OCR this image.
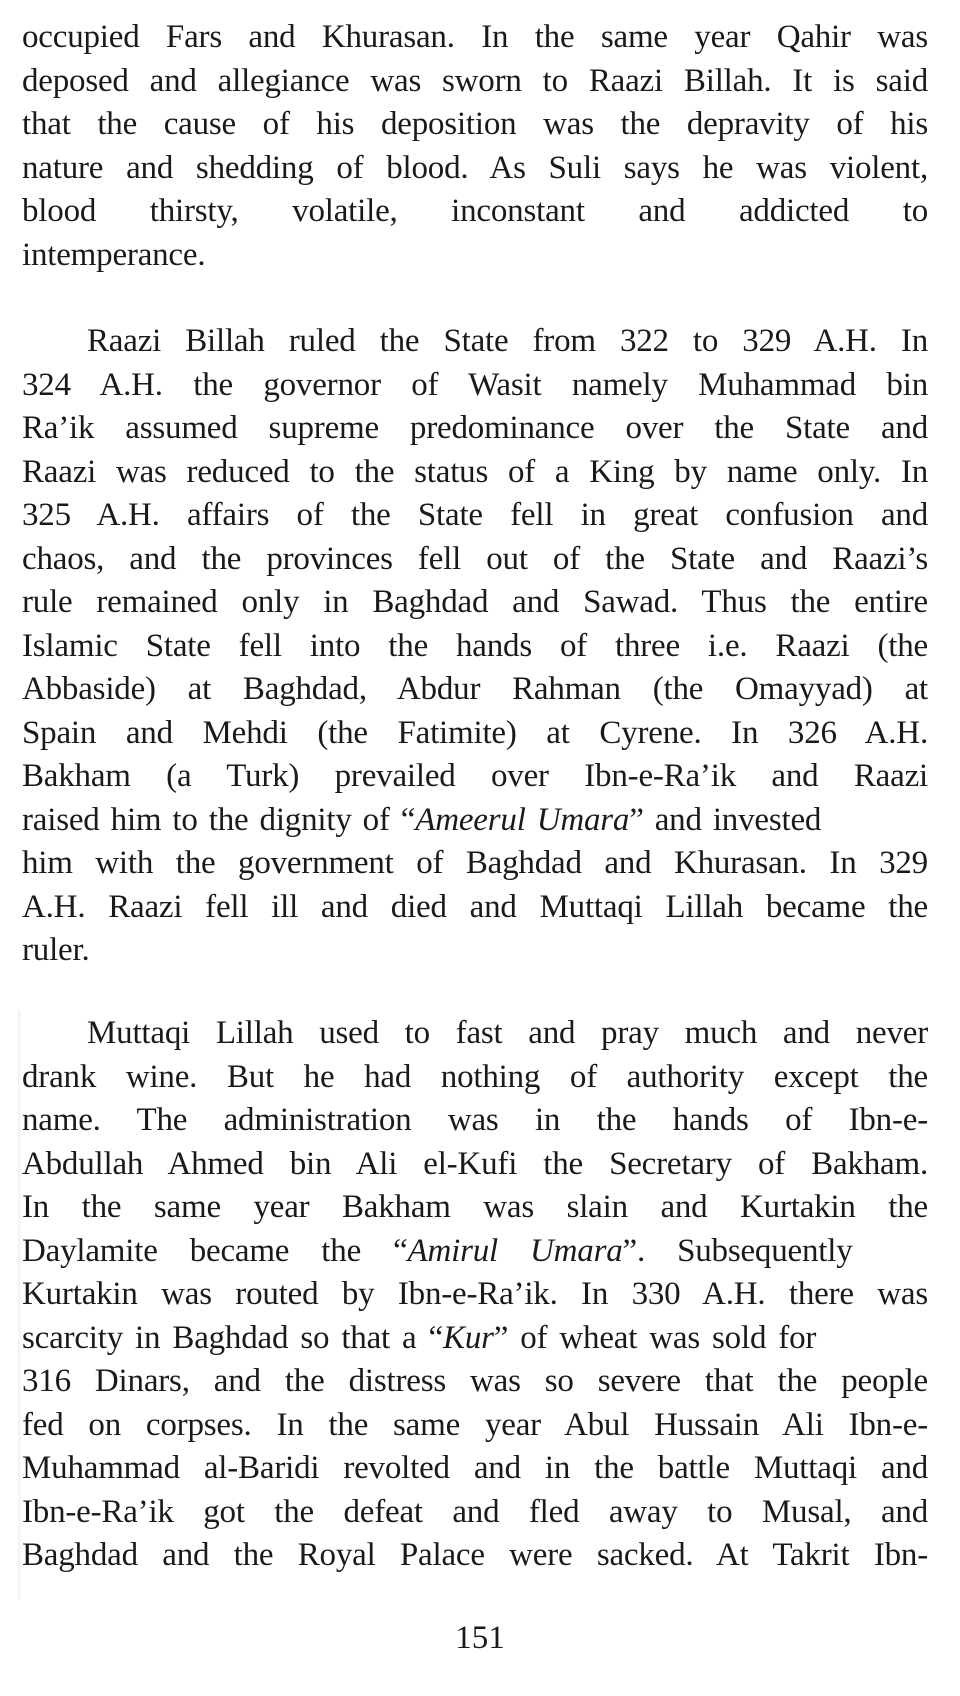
occupied Fars and Khurasan. In the same year Qahir was
deposed and allegiance was sworn to Raazi Billah. It is said
that the cause of his deposition was the depravity of his
nature and shedding of blood. As Suli says he was violent,
blood thirsty, volatile, inconstant and addicted to
intemperance.
Raazi Billah ruled the State from 322 to 329 A.H. In
324 A.H. the governor of Wasit namely Muhammad bin
Ra’ik assumed supreme predominance over the State and
Raazi was reduced to the status of a King by name only. In
325 A.H. affairs of the State fell in great confusion and
chaos, and the provinces fell out of the State and Raazi’s
rule remained only in Baghdad and Sawad. Thus the entire
Islamic State fell into the hands of three i.e. Raazi (the
Abbaside) at Baghdad, Abdur Rahman (the Omayyad) at
Spain and Mehdi (the Fatimite) at Cyrene. In 326 A.H.
Bakham (a Turk) prevailed over Ibn-e-Ra’ik and Raazi
raised him to the dignity of “Ameerul Umara” and invested
him with the government of Baghdad and Khurasan. In 329
A.H. Raazi fell ill and died and Muttaqi Lillah became the
ruler.
Muttaqi Lillah used to fast and pray much and never
drank wine. But he had nothing of authority except the
name. The administration was in the hands of Ibn-e-
Abdullah Ahmed bin Ali el-Kufi the Secretary of Bakham.
In the same year Bakham was slain and Kurtakin the
Daylamite became the “Amirul Umara”. Subsequently
Kurtakin was routed by Ibn-e-Ra’ik. In 330 A.H. there was
scarcity in Baghdad so that a “Kur” of wheat was sold for
316 Dinars, and the distress was so severe that the people
fed on corpses. In the same year Abul Hussain Ali Ibn-e-
Muhammad al-Baridi revolted and in the battle Muttaqi and
Ibn-e-Ra’ik got the defeat and fled away to Musal, and
Baghdad and the Royal Palace were sacked. At Takrit Ibn-
151
